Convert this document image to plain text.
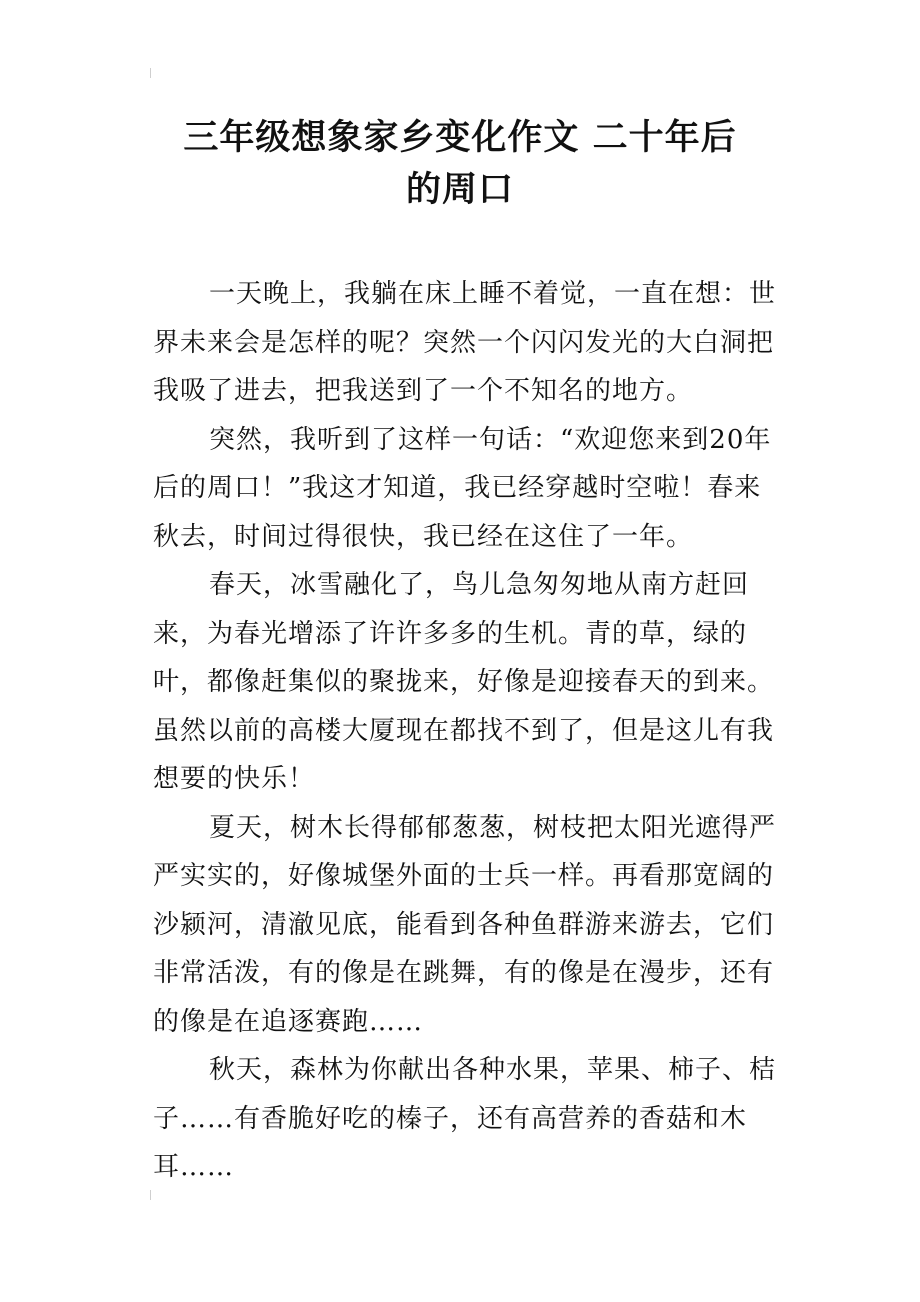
三年级想象家乡变化作文 二十年后
的周口

一天晚上，我躺在床上睡不着觉，一直在想：世界未来会是怎样的呢？突然一个闪闪发光的大白洞把我吸了进去，把我送到了一个不知名的地方。

突然，我听到了这样一句话：“欢迎您来到20年后的周口！”我这才知道，我已经穿越时空啦！春来秋去，时间过得很快，我已经在这住了一年。

春天，冰雪融化了，鸟儿急匆匆地从南方赶回来，为春光增添了许许多多的生机。青的草，绿的叶，都像赶集似的聚拢来，好像是迎接春天的到来。虽然以前的高楼大厦现在都找不到了，但是这儿有我想要的快乐！

夏天，树木长得郁郁葱葱，树枝把太阳光遮得严严实实的，好像城堡外面的士兵一样。再看那宽阔的沙颍河，清澈见底，能看到各种鱼群游来游去，它们非常活泼，有的像是在跳舞，有的像是在漫步，还有的像是在追逐赛跑……

秋天，森林为你献出各种水果，苹果、柿子、桔子……有香脆好吃的榛子，还有高营养的香菇和木耳……
